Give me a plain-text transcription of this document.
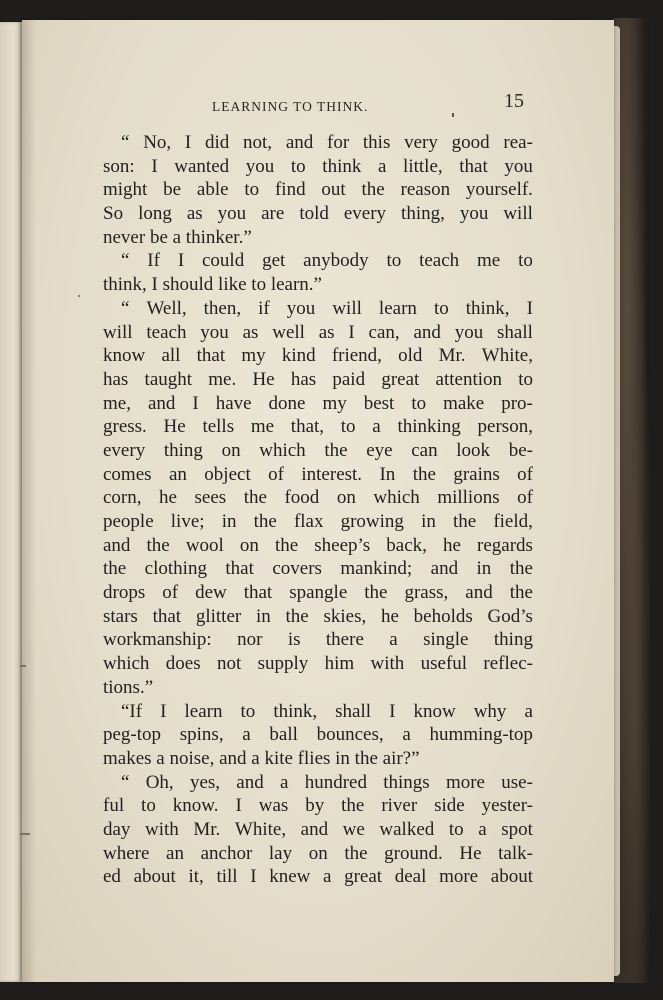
LEARNING TO THINK.	15
“ No, I did not, and for this very good rea-
son: I wanted you to think a little, that you
might be able to find out the reason yourself.
So long as you are told every thing, you will
never be a thinker.”
“ If I could get anybody to teach me to
think, I should like to learn.”
“ Well, then, if you will learn to think, I
will teach you as well as I can, and you shall
know all that my kind friend, old Mr. White,
has taught me. He has paid great attention to
me, and I have done my best to make pro-
gress. He tells me that, to a thinking person,
every thing on which the eye can look be-
comes an object of interest. In the grains of
corn, he sees the food on which millions of
people live; in the flax growing in the field,
and the wool on the sheep’s back, he regards
the clothing that covers mankind; and in the
drops of dew that spangle the grass, and the
stars that glitter in the skies, he beholds God’s
workmanship: nor is there a single thing
which does not supply him with useful reflec-
tions.”
“If I learn to think, shall I know why a
peg-top spins, a ball bounces, a humming-top
makes a noise, and a kite flies in the air?”
“ Oh, yes, and a hundred things more use-
ful to know. I was by the river side yester-
day with Mr. White, and we walked to a spot
where an anchor lay on the ground. He talk-
ed about it, till I knew a great deal more about
